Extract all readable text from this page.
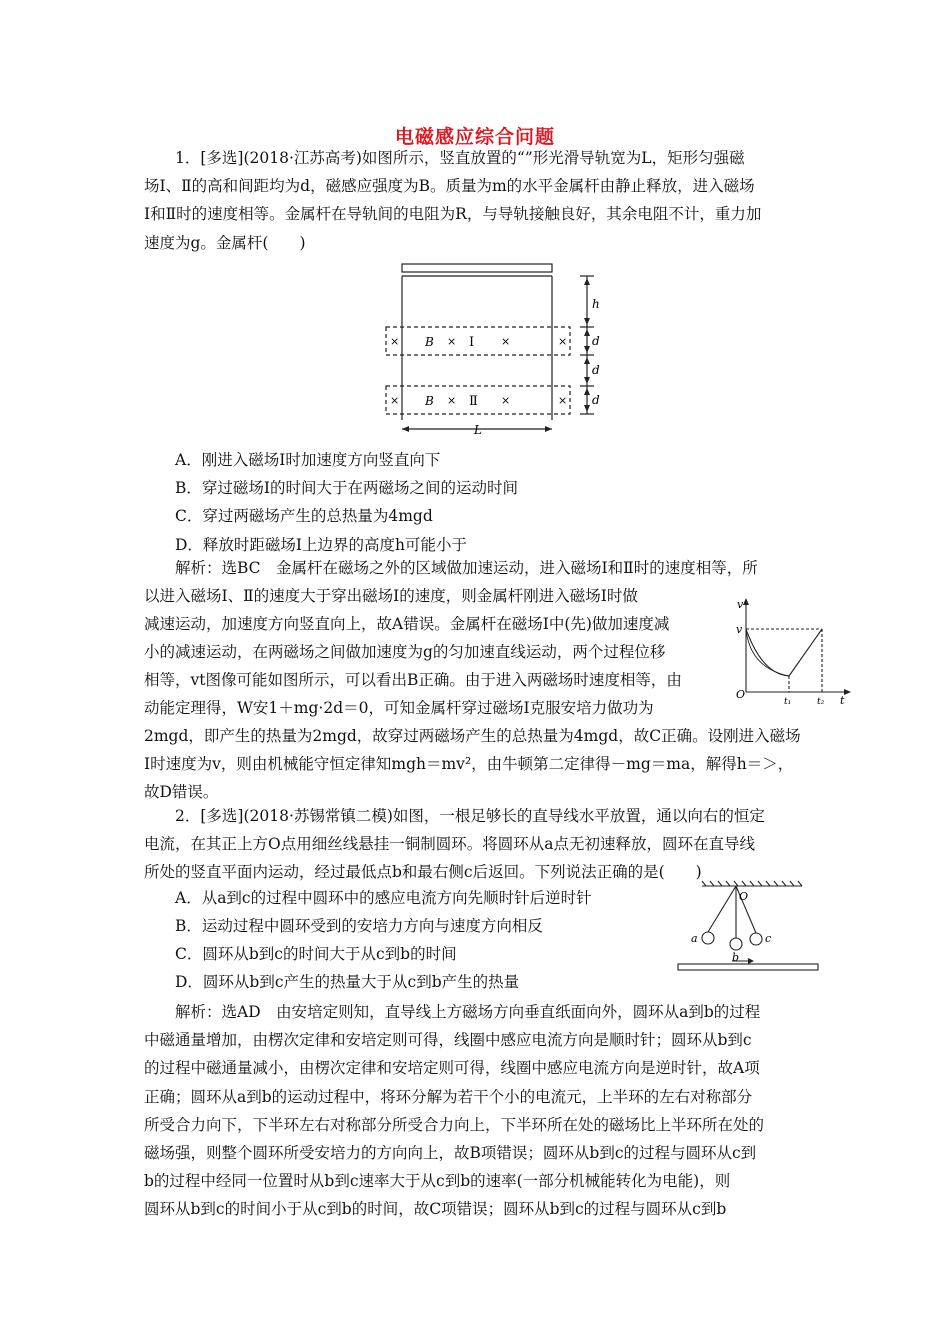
电磁感应综合问题

1．[多选](2018·江苏高考)如图所示，竖直放置的“”形光滑导轨宽为L，矩形匀强磁

场Ⅰ、Ⅱ的高和间距均为d，磁感应强度为B。质量为m的水平金属杆由静止释放，进入磁场

Ⅰ和Ⅱ时的速度相等。金属杆在导轨间的电阻为R，与导轨接触良好，其余电阻不计，重力加

速度为g。金属杆(　　)

h
d
d
d
L
B
B
×	×	×	×
×	×	×	×
Ⅰ
Ⅱ

A．刚进入磁场Ⅰ时加速度方向竖直向下

B．穿过磁场Ⅰ的时间大于在两磁场之间的运动时间

C．穿过两磁场产生的总热量为4mgd

D．释放时距磁场Ⅰ上边界的高度h可能小于

解析：选BC　金属杆在磁场之外的区域做加速运动，进入磁场Ⅰ和Ⅱ时的速度相等，所
以进入磁场Ⅰ、Ⅱ的速度大于穿出磁场Ⅰ的速度，则金属杆刚进入磁场Ⅰ时做
减速运动，加速度方向竖直向上，故A错误。金属杆在磁场Ⅰ中(先)做加速度减
小的减速运动，在两磁场之间做加速度为g的匀加速直线运动，两个过程位移
相等，vt图像可能如图所示，可以看出B正确。由于进入两磁场时速度相等，由
动能定理得，W安1＋mg·2d＝0，可知金属杆穿过磁场Ⅰ克服安培力做功为
2mgd，即产生的热量为2mgd，故穿过两磁场产生的总热量为4mgd，故C正确。设刚进入磁场
Ⅰ时速度为v，则由机械能守恒定律知mgh＝mv²，由牛顿第二定律得－mg＝ma，解得h＝＞，
故D错误。
v
v
O
t₁	t₂ t

2．[多选](2018·苏锡常镇二模)如图，一根足够长的直导线水平放置，通以向右的恒定

电流，在其正上方O点用细丝线悬挂一铜制圆环。将圆环从a点无初速释放，圆环在直导线

所处的竖直平面内运动，经过最低点b和最右侧c后返回。下列说法正确的是(　　)

A．从a到c的过程中圆环中的感应电流方向先顺时针后逆时针
B．运动过程中圆环受到的安培力方向与速度方向相反
C．圆环从b到c的时间大于从c到b的时间
D．圆环从b到c产生的热量大于从c到b产生的热量
O
a
b
c

解析：选AD　由安培定则知，直导线上方磁场方向垂直纸面向外，圆环从a到b的过程

中磁通量增加，由楞次定律和安培定则可得，线圈中感应电流方向是顺时针；圆环从b到c

的过程中磁通量减小，由楞次定律和安培定则可得，线圈中感应电流方向是逆时针，故A项

正确；圆环从a到b的运动过程中，将环分解为若干个小的电流元，上半环的左右对称部分

所受合力向下，下半环左右对称部分所受合力向上，下半环所在处的磁场比上半环所在处的

磁场强，则整个圆环所受安培力的方向向上，故B项错误；圆环从b到c的过程与圆环从c到

b的过程中经同一位置时从b到c速率大于从c到b的速率(一部分机械能转化为电能)，则

圆环从b到c的时间小于从c到b的时间，故C项错误；圆环从b到c的过程与圆环从c到b
